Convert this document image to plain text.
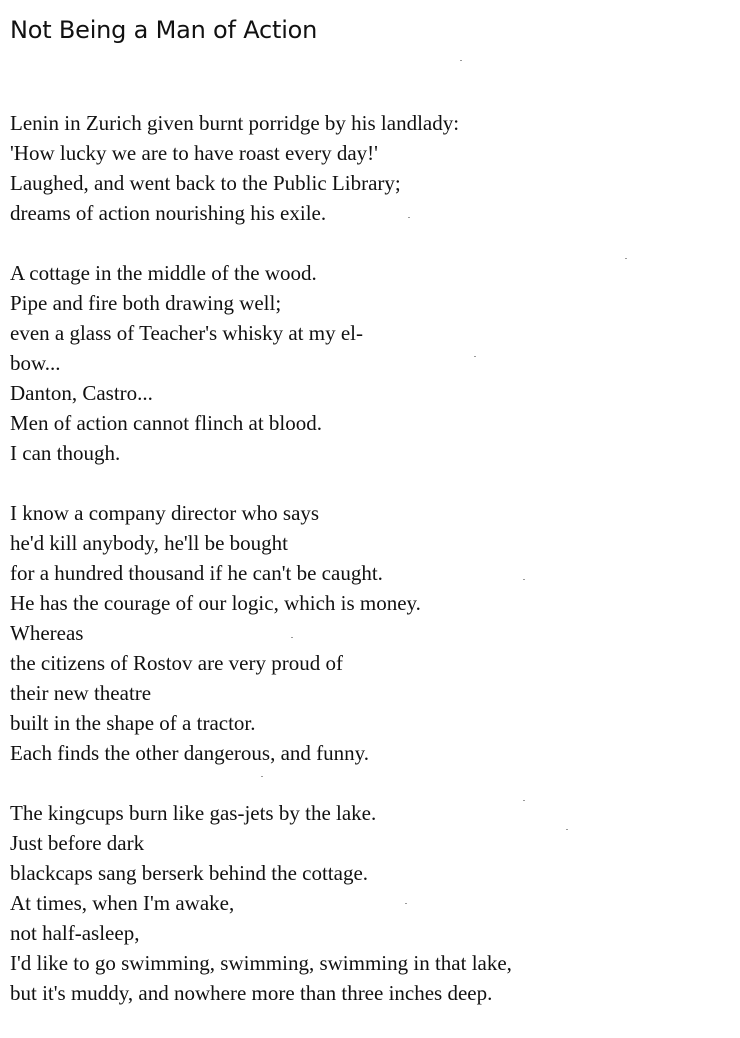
Not Being a Man of Action
Lenin in Zurich given burnt porridge by his landlady:
'How lucky we are to have roast every day!'
Laughed, and went back to the Public Library;
dreams of action nourishing his exile.
A cottage in the middle of the wood.
Pipe and fire both drawing well;
even a glass of Teacher's whisky at my el-
bow...
Danton, Castro...
Men of action cannot flinch at blood.
I can though.
I know a company director who says
he'd kill anybody, he'll be bought
for a hundred thousand if he can't be caught.
He has the courage of our logic, which is money.
Whereas
the citizens of Rostov are very proud of
their new theatre
built in the shape of a tractor.
Each finds the other dangerous, and funny.
The kingcups burn like gas-jets by the lake.
Just before dark
blackcaps sang berserk behind the cottage.
At times, when I'm awake,
not half-asleep,
I'd like to go swimming, swimming, swimming in that lake,
but it's muddy, and nowhere more than three inches deep.
